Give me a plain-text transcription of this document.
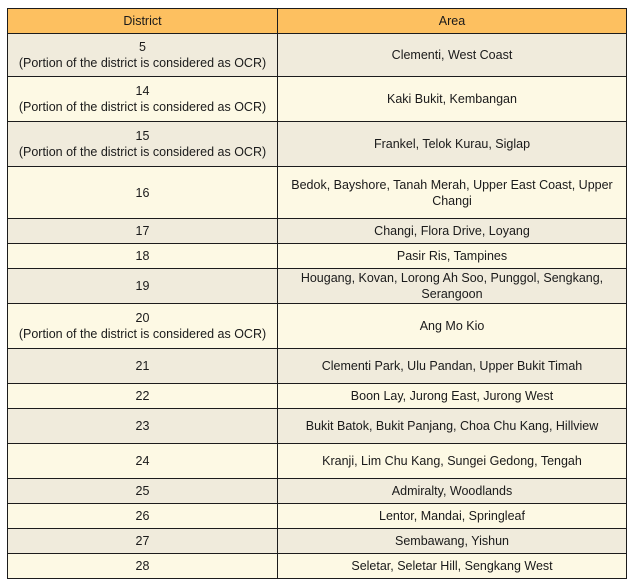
District	Area

5
(Portion of the district is considered as OCR)	Clementi, West Coast

14
(Portion of the district is considered as OCR)	Kaki Bukit, Kembangan

15
(Portion of the district is considered as OCR)	Frankel, Telok Kurau, Siglap

16	Bedok, Bayshore, Tanah Merah, Upper East Coast, Upper Changi

17	Changi, Flora Drive, Loyang

18	Pasir Ris, Tampines

19	Hougang, Kovan, Lorong Ah Soo, Punggol, Sengkang, Serangoon

20
(Portion of the district is considered as OCR)	Ang Mo Kio

21	Clementi Park, Ulu Pandan, Upper Bukit Timah

22	Boon Lay, Jurong East, Jurong West

23	Bukit Batok, Bukit Panjang, Choa Chu Kang, Hillview

24	Kranji, Lim Chu Kang, Sungei Gedong, Tengah

25	Admiralty, Woodlands

26	Lentor, Mandai, Springleaf

27	Sembawang, Yishun

28	Seletar, Seletar Hill, Sengkang West
